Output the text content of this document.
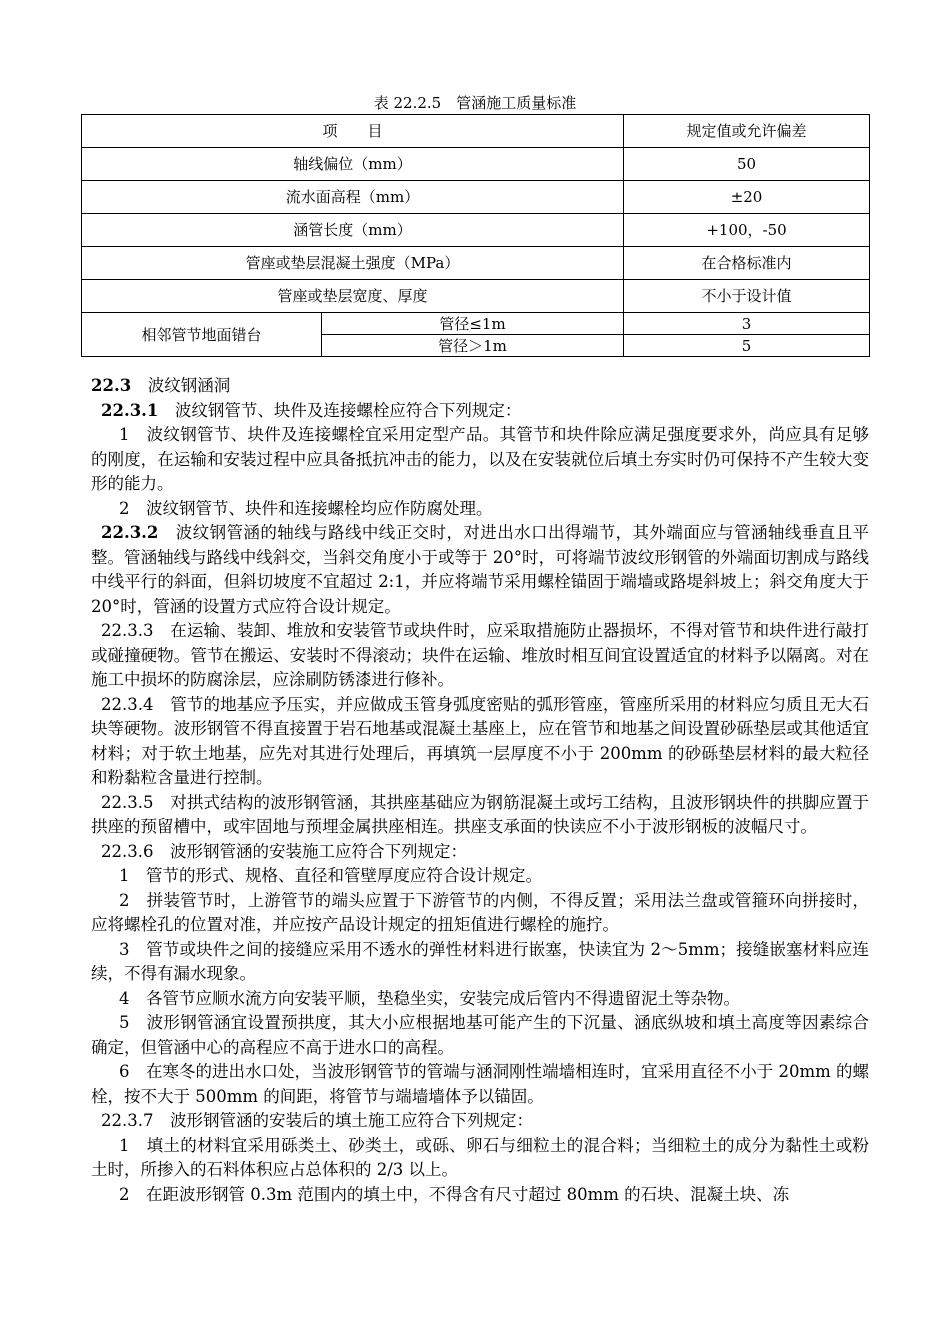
表 22.2.5　管涵施工质量标准
项　　目		规定值或允许偏差
轴线偏位（mm）		50
流水面高程（mm）		±20
涵管长度（mm）		+100，-50
管座或垫层混凝土强度（MPa）		在合格标准内
管座或垫层宽度、厚度		不小于设计值
相邻管节地面错台	管径≤1m	3
	管径＞1m	5

22.3　波纹钢涵洞

22.3.1　波纹钢管节、块件及连接螺栓应符合下列规定：

1　波纹钢管节、块件及连接螺栓宜采用定型产品。其管节和块件除应满足强度要求外，尚应具有足够的刚度，在运输和安装过程中应具备抵抗冲击的能力，以及在安装就位后填土夯实时仍可保持不产生较大变形的能力。

2　波纹钢管节、块件和连接螺栓均应作防腐处理。

22.3.2　波纹钢管涵的轴线与路线中线正交时，对进出水口出得端节，其外端面应与管涵轴线垂直且平整。管涵轴线与路线中线斜交，当斜交角度小于或等于 20°时，可将端节波纹形钢管的外端面切割成与路线中线平行的斜面，但斜切坡度不宜超过 2:1，并应将端节采用螺栓锚固于端墙或路堤斜坡上；斜交角度大于 20°时，管涵的设置方式应符合设计规定。

22.3.3　在运输、装卸、堆放和安装管节或块件时，应采取措施防止器损坏，不得对管节和块件进行敲打或碰撞硬物。管节在搬运、安装时不得滚动；块件在运输、堆放时相互间宜设置适宜的材料予以隔离。对在施工中损坏的防腐涂层，应涂刷防锈漆进行修补。

22.3.4　管节的地基应予压实，并应做成玉管身弧度密贴的弧形管座，管座所采用的材料应匀质且无大石块等硬物。波形钢管不得直接置于岩石地基或混凝土基座上，应在管节和地基之间设置砂砾垫层或其他适宜材料；对于软土地基，应先对其进行处理后，再填筑一层厚度不小于 200mm 的砂砾垫层材料的最大粒径和粉黏粒含量进行控制。

22.3.5　对拱式结构的波形钢管涵，其拱座基础应为钢筋混凝土或圬工结构，且波形钢块件的拱脚应置于拱座的预留槽中，或牢固地与预埋金属拱座相连。拱座支承面的快读应不小于波形钢板的波幅尺寸。

22.3.6　波形钢管涵的安装施工应符合下列规定：

1　管节的形式、规格、直径和管壁厚度应符合设计规定。

2　拼装管节时，上游管节的端头应置于下游管节的内侧，不得反置；采用法兰盘或管箍环向拼接时，应将螺栓孔的位置对准，并应按产品设计规定的扭矩值进行螺栓的施拧。

3　管节或块件之间的接缝应采用不透水的弹性材料进行嵌塞，快读宜为 2～5mm；接缝嵌塞材料应连续，不得有漏水现象。

4　各管节应顺水流方向安装平顺，垫稳坐实，安装完成后管内不得遗留泥土等杂物。

5　波形钢管涵宜设置预拱度，其大小应根据地基可能产生的下沉量、涵底纵坡和填土高度等因素综合确定，但管涵中心的高程应不高于进水口的高程。

6　在寒冬的进出水口处，当波形钢管节的管端与涵洞刚性端墙相连时，宜采用直径不小于 20mm 的螺栓，按不大于 500mm 的间距，将管节与端墙墙体予以锚固。

22.3.7　波形钢管涵的安装后的填土施工应符合下列规定：

1　填土的材料宜采用砾类土、砂类土，或砾、卵石与细粒土的混合料；当细粒土的成分为黏性土或粉土时，所掺入的石料体积应占总体积的 2/3 以上。

2　在距波形钢管 0.3m 范围内的填土中，不得含有尺寸超过 80mm 的石块、混凝土块、冻
